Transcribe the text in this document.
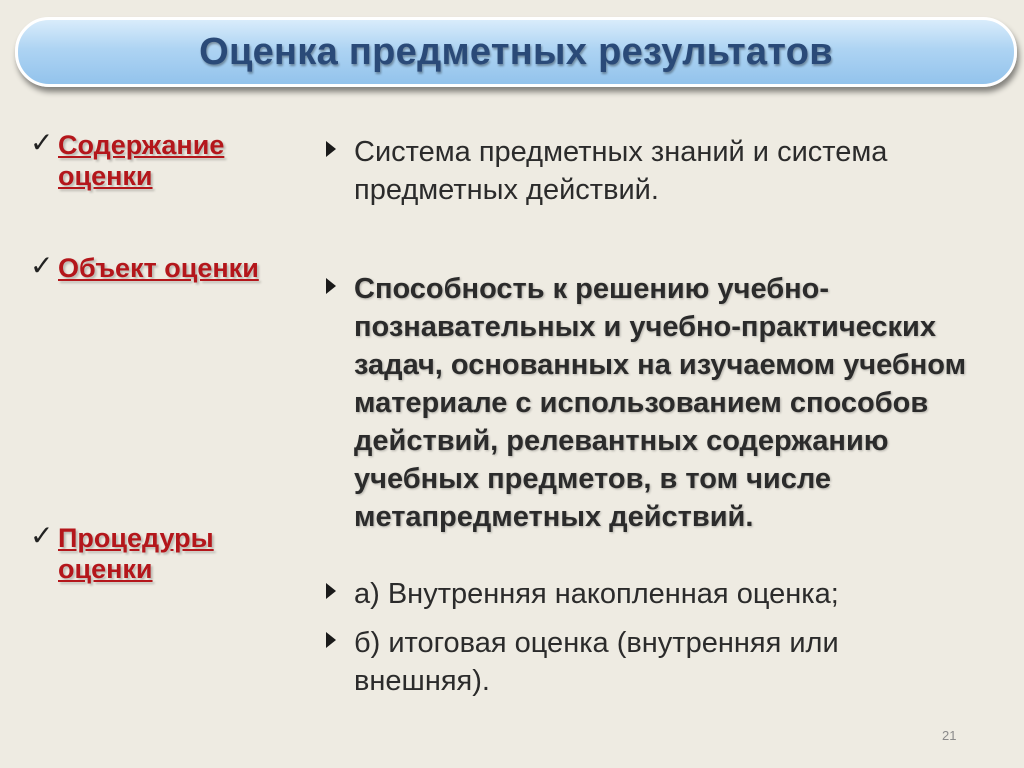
Оценка предметных результатов
✓ Содержание оценки
✓ Объект оценки
✓ Процедуры оценки
Система предметных знаний и система предметных действий.
Способность к решению учебно-познавательных и учебно-практических задач, основанных на изучаемом учебном материале с использованием способов действий, релевантных содержанию учебных предметов, в том числе метапредметных действий.
а) Внутренняя накопленная оценка;
б) итоговая оценка (внутренняя или внешняя).
21
